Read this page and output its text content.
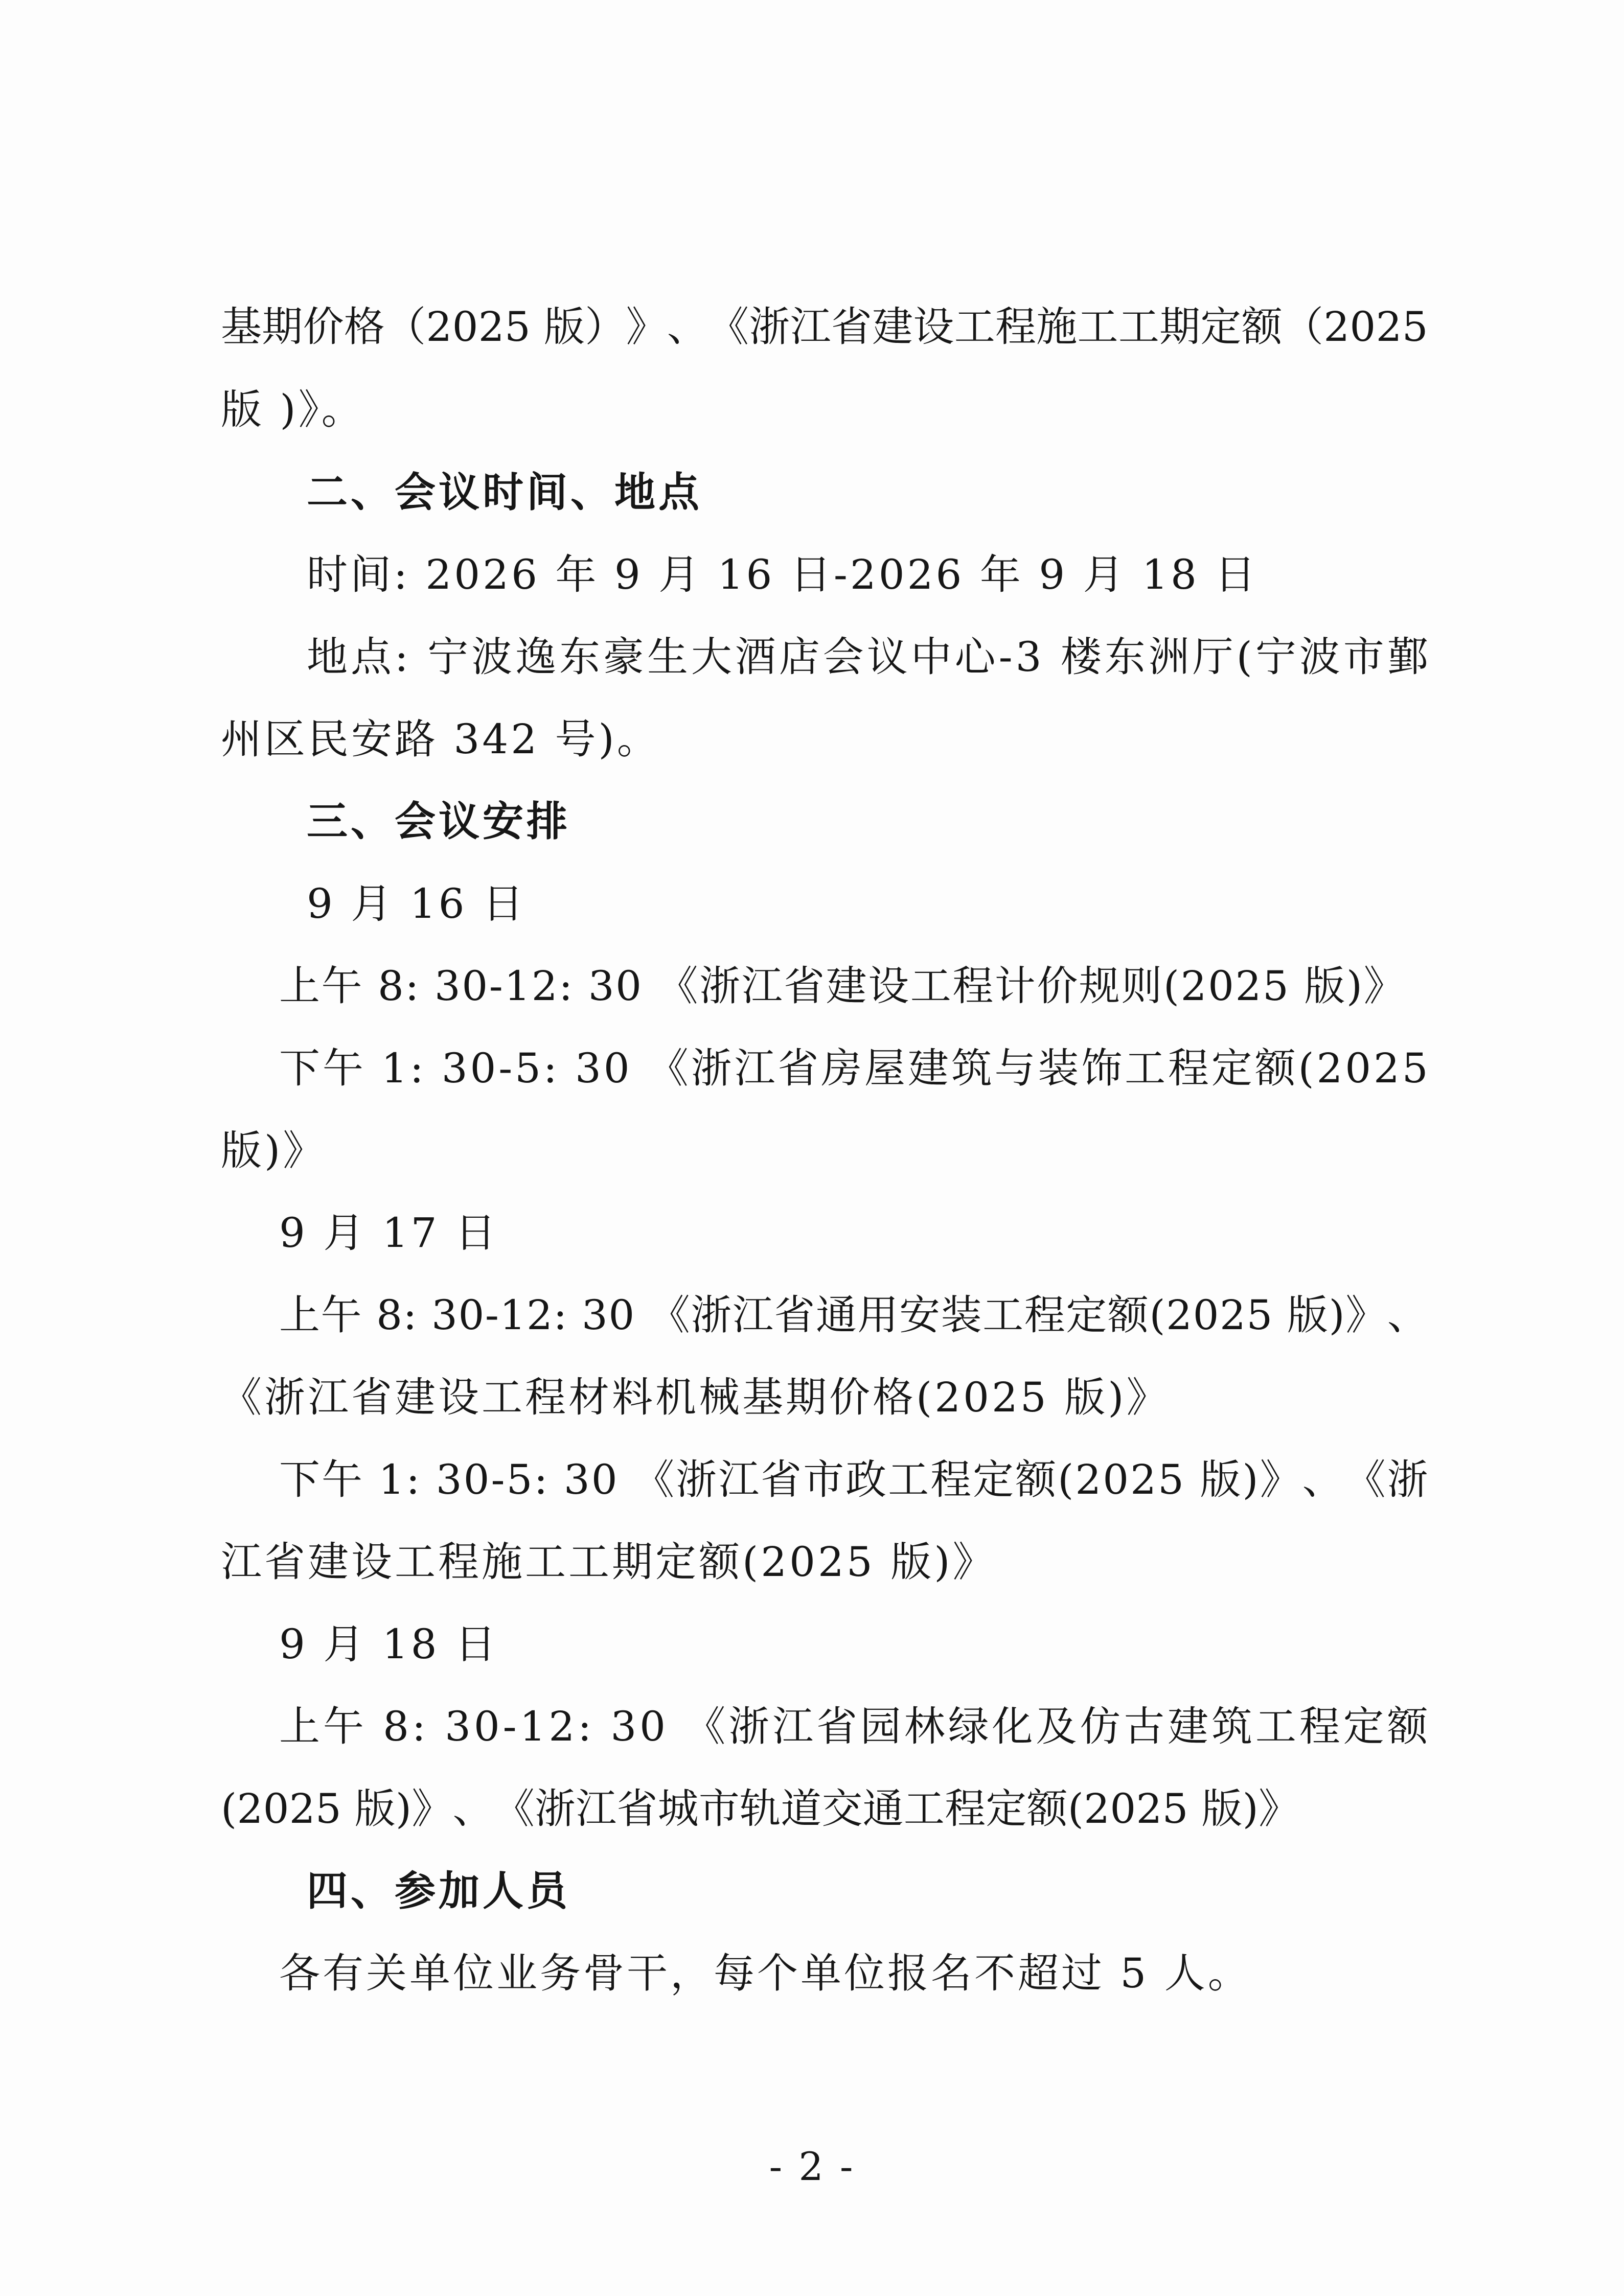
基 期 价 格 （ 2 0 2 5
版 ） 》 、 《 浙 江 省 建 设 工 程 施 工 工 期 定 额 （ 2 0 2 5
版 )》。
二、会议时间、地点
时间: 2026 年 9 月 16 日-2026 年 9 月 18 日
地 点 :
宁 波 逸 东 豪 生 大 酒 店 会 议 中 心 - 3
楼 东 洲 厅 ( 宁 波 市 鄞
州区民安路 342 号)。
三、会议安排
9 月 16 日
上 午
8 :
3 0 - 1 2 :
3 0
《 浙 江 省 建 设 工 程 计 价 规 则 ( 2 0 2 5
版 ) 》
下 午
1 :
3 0 - 5 :
3 0
《 浙 江 省 房 屋 建 筑 与 装 饰 工 程 定 额 ( 2 0 2 5
版)》
9 月 17 日
上 午
8 :
3 0 - 1 2 :
3 0
《 浙 江 省 通 用 安 装 工 程 定 额 ( 2 0 2 5
版 ) 》 、
《浙江省建设工程材料机械基期价格(2025 版)》
下 午
1 :
3 0 - 5 :
3 0
《 浙 江 省 市 政 工 程 定 额 ( 2 0 2 5
版 ) 》 、 《 浙
江省建设工程施工工期定额(2025 版)》
9 月 18 日
上 午
8 :
3 0 - 1 2 :
3 0
《 浙 江 省 园 林 绿 化 及 仿 古 建 筑 工 程 定 额
( 2 0 2 5
版 ) 》 、 《 浙 江 省 城 市 轨 道 交 通 工 程 定 额 ( 2 0 2 5
版 ) 》
四、参加人员
各有关单位业务骨干，每个单位报名不超过 5 人。
- 2 -
